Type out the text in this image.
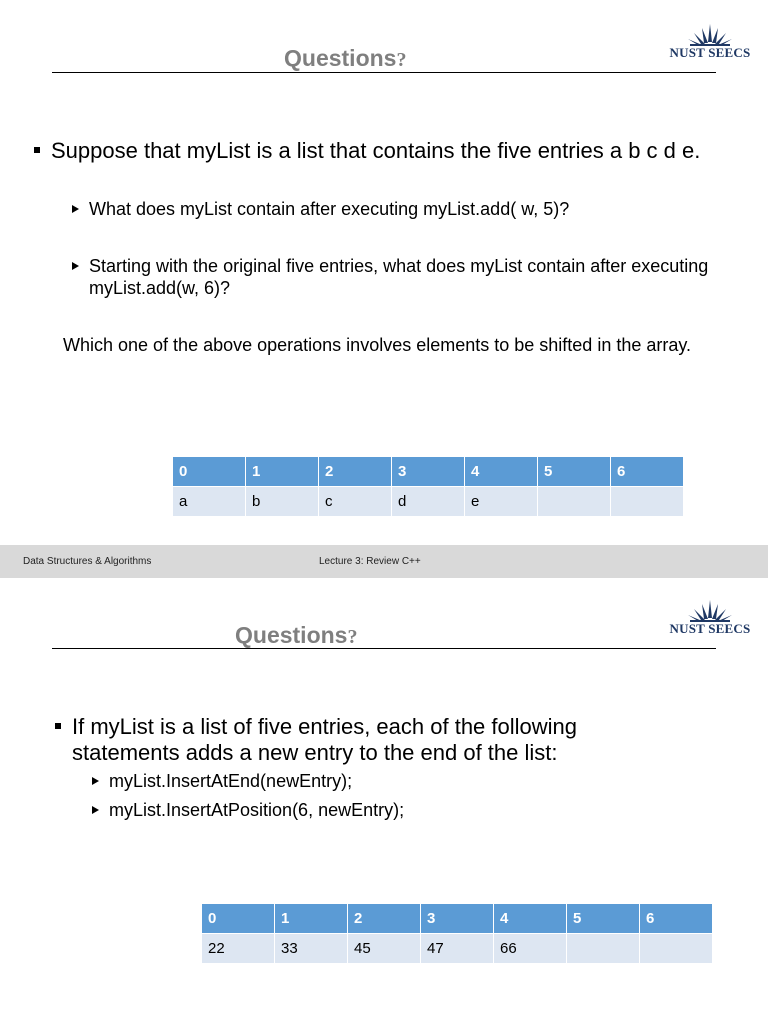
Questions?	NUST SEECS
Suppose that myList is a list that contains the five entries a b c d e.
What does myList contain after executing myList.add( w, 5)?
Starting with the original five entries, what does myList contain after executing myList.add(w, 6)?
Which one of the above operations involves elements to be shifted in the array.
0	1	2	3	4	5	6
a	b	c	d	e		
Data Structures & Algorithms	Lecture 3: Review C++
Questions?	NUST SEECS
If myList is a list of five entries, each of the following statements adds a new entry to the end of the list:
myList.InsertAtEnd(newEntry);
myList.InsertAtPosition(6, newEntry);
0	1	2	3	4	5	6
22	33	45	47	66		
